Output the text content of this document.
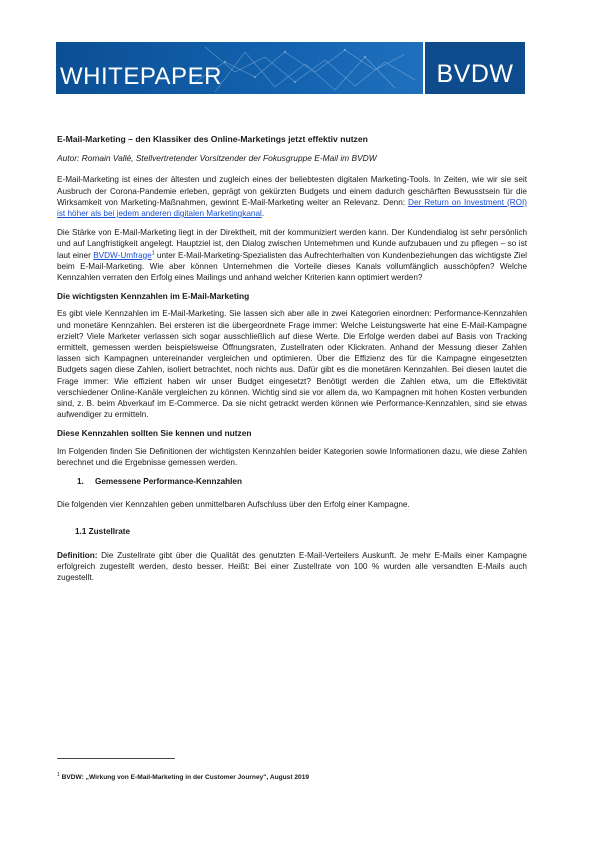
WHITEPAPER	BVDW
E-Mail-Marketing – den Klassiker des Online-Marketings jetzt effektiv nutzen
Autor: Romain Vallé, Stellvertretender Vorsitzender der Fokusgruppe E-Mail im BVDW

E-Mail-Marketing ist eines der ältesten und zugleich eines der beliebtesten digitalen Marketing-Tools. In Zeiten, wie wir sie seit Ausbruch der Corona-Pandemie erleben, geprägt von gekürzten Budgets und einem dadurch geschärften Bewusstsein für die Wirksamkeit von Marketing-Maßnahmen, gewinnt E-Mail-Marketing weiter an Relevanz. Denn: Der Return on Investment (ROI) ist höher als bei jedem anderen digitalen Marketingkanal.

Die Stärke von E-Mail-Marketing liegt in der Direktheit, mit der kommuniziert werden kann. Der Kundendialog ist sehr persönlich und auf Langfristigkeit angelegt. Hauptziel ist, den Dialog zwischen Unternehmen und Kunde aufzubauen und zu pflegen – so ist laut einer BVDW-Umfrage$^1$ unter E-Mail-Marketing-Spezialisten das Aufrechterhalten von Kundenbeziehungen das wichtigste Ziel beim E-Mail-Marketing. Wie aber können Unternehmen die Vorteile dieses Kanals vollumfänglich ausschöpfen? Welche Kennzahlen verraten den Erfolg eines Mailings und anhand welcher Kriterien kann optimiert werden?

Die wichtigsten Kennzahlen im E-Mail-Marketing

Es gibt viele Kennzahlen im E-Mail-Marketing. Sie lassen sich aber alle in zwei Kategorien einordnen: Performance-Kennzahlen und monetäre Kennzahlen. Bei ersteren ist die übergeordnete Frage immer: Welche Leistungswerte hat eine E-Mail-Kampagne erzielt? Viele Marketer verlassen sich sogar ausschließlich auf diese Werte. Die Erfolge werden dabei auf Basis von Tracking ermittelt, gemessen werden beispielsweise Öffnungsraten, Zustellraten oder Klickraten. Anhand der Messung dieser Zahlen lassen sich Kampagnen untereinander vergleichen und optimieren. Über die Effizienz des für die Kampagne eingesetzten Budgets sagen diese Zahlen, isoliert betrachtet, noch nichts aus. Dafür gibt es die monetären Kennzahlen. Bei diesen lautet die Frage immer: Wie effizient haben wir unser Budget eingesetzt? Benötigt werden die Zahlen etwa, um die Effektivität verschiedener Online-Kanäle vergleichen zu können. Wichtig sind sie vor allem da, wo Kampagnen mit hohen Kosten verbunden sind, z. B. beim Abverkauf im E-Commerce. Da sie nicht getrackt werden können wie Performance-Kennzahlen, sind sie etwas aufwendiger zu ermitteln.

Diese Kennzahlen sollten Sie kennen und nutzen

Im Folgenden finden Sie Definitionen der wichtigsten Kennzahlen beider Kategorien sowie Informationen dazu, wie diese Zahlen berechnet und die Ergebnisse gemessen werden.

1. Gemessene Performance-Kennzahlen

Die folgenden vier Kennzahlen geben unmittelbaren Aufschluss über den Erfolg einer Kampagne.

1.1 Zustellrate

Definition: Die Zustellrate gibt über die Qualität des genutzten E-Mail-Verteilers Auskunft. Je mehr E-Mails einer Kampagne erfolgreich zugestellt werden, desto besser. Heißt: Bei einer Zustellrate von 100 % wurden alle versandten E-Mails auch zugestellt.

$^1$ BVDW: „Wirkung von E-Mail-Marketing in der Customer Journey", August 2019
